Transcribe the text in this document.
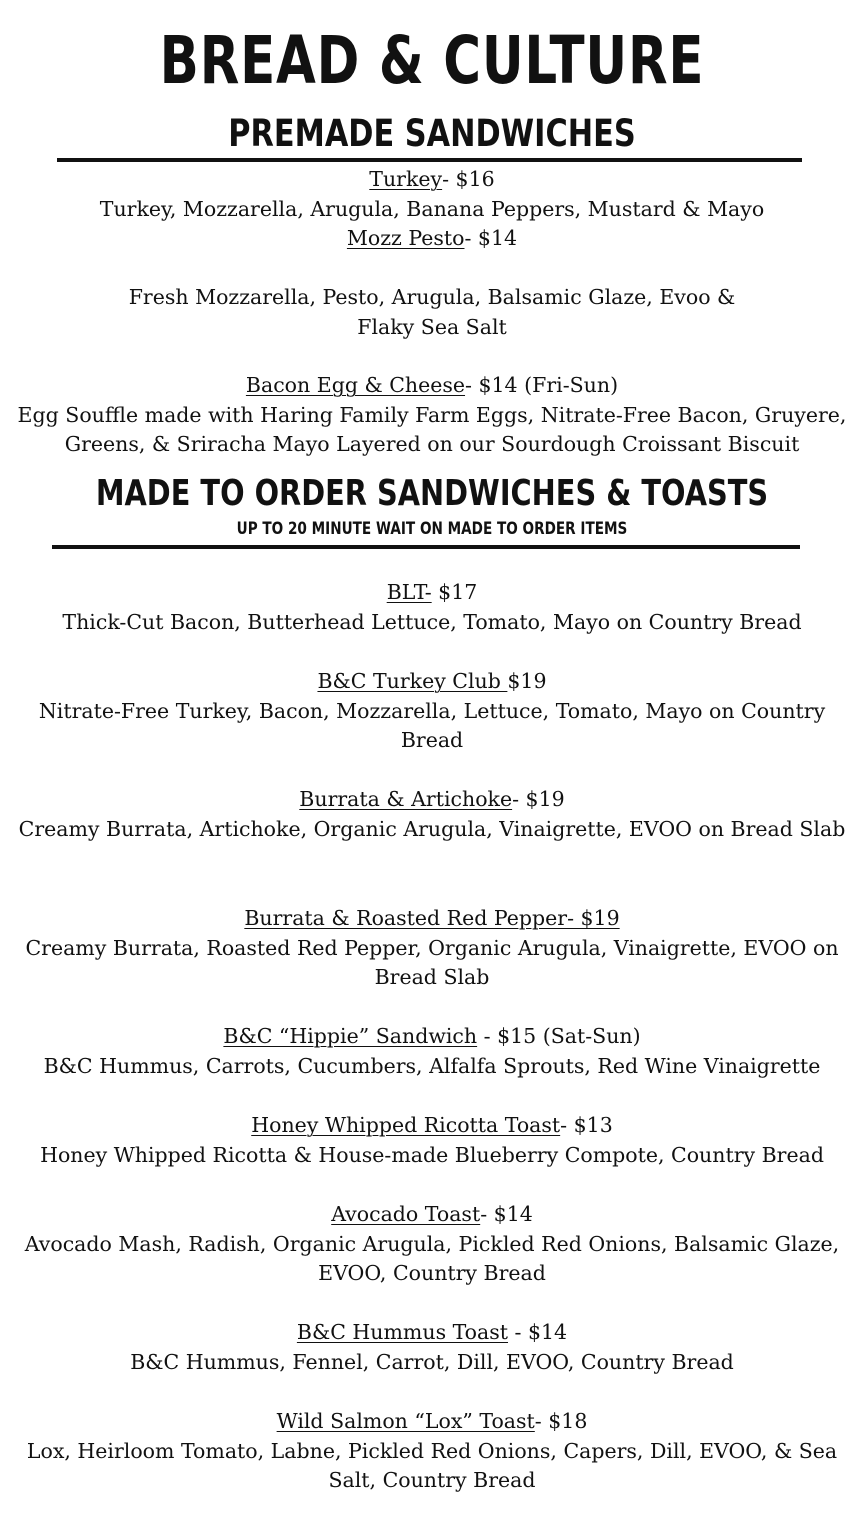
BREAD & CULTURE
PREMADE SANDWICHES
Turkey- $16
Turkey, Mozzarella, Arugula, Banana Peppers, Mustard & Mayo
Mozz Pesto- $14
Fresh Mozzarella, Pesto, Arugula, Balsamic Glaze, Evoo & Flaky Sea Salt
Bacon Egg & Cheese- $14 (Fri-Sun)
Egg Souffle made with Haring Family Farm Eggs, Nitrate-Free Bacon, Gruyere, Greens, & Sriracha Mayo Layered on our Sourdough Croissant Biscuit
MADE TO ORDER SANDWICHES & TOASTS
UP TO 20 MINUTE WAIT ON MADE TO ORDER ITEMS
BLT- $17
Thick-Cut Bacon, Butterhead Lettuce, Tomato, Mayo on Country Bread
B&C Turkey Club $19
Nitrate-Free Turkey, Bacon, Mozzarella, Lettuce, Tomato, Mayo on Country Bread
Burrata & Artichoke- $19
Creamy Burrata, Artichoke, Organic Arugula, Vinaigrette, EVOO on Bread Slab
Burrata & Roasted Red Pepper- $19
Creamy Burrata, Roasted Red Pepper, Organic Arugula, Vinaigrette, EVOO on Bread Slab
B&C “Hippie” Sandwich - $15 (Sat-Sun)
B&C Hummus, Carrots, Cucumbers, Alfalfa Sprouts, Red Wine Vinaigrette
Honey Whipped Ricotta Toast- $13
Honey Whipped Ricotta & House-made Blueberry Compote, Country Bread
Avocado Toast- $14
Avocado Mash, Radish, Organic Arugula, Pickled Red Onions, Balsamic Glaze, EVOO, Country Bread
B&C Hummus Toast - $14
B&C Hummus, Fennel, Carrot, Dill, EVOO, Country Bread
Wild Salmon “Lox” Toast- $18
Lox, Heirloom Tomato, Labne, Pickled Red Onions, Capers, Dill, EVOO, & Sea Salt, Country Bread
